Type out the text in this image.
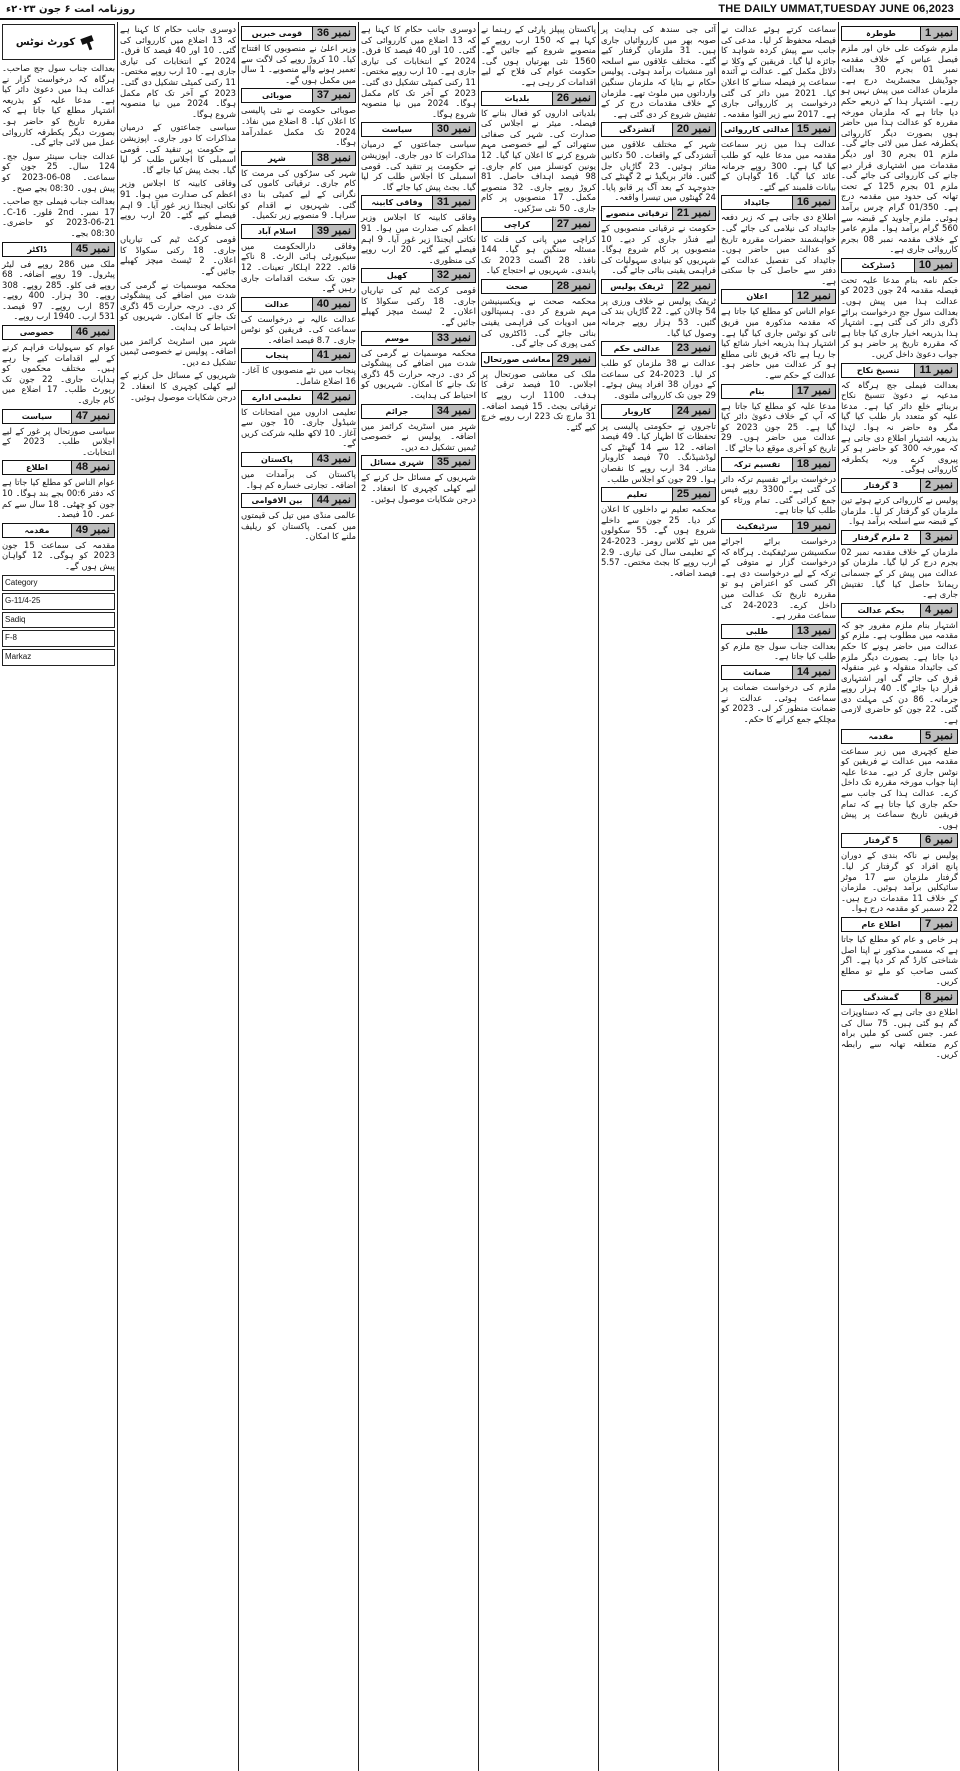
روزنامہ امت ۶ جون ۲۰۲۳ء	THE DAILY UMMAT,TUESDAY JUNE 06,2023
نمبر 1
طوطرہ
ملزم شوکت علی خان اور ملزم فیصل عباس کے خلاف مقدمہ نمبر 01 بجرم 30 بعدالت جوڈیشل مجسٹریٹ درج ہے۔ ملزمان عدالت میں پیش نہیں ہو رہے۔ اشتہار ہذا کے ذریعے حکم دیا جاتا ہے کہ ملزمان مورخہ مقررہ کو عدالت ہذا میں حاضر ہوں بصورت دیگر کارروائی یکطرفہ عمل میں لائی جائے گی۔ ملزم 01 بجرم 30 اور دیگر مقدمات میں اشتہاری قرار دیے جانے کی کارروائی کی جائے گی۔ ملزم 01 بجرم 125 کے تحت تھانہ کی حدود میں مقدمہ درج ہے۔ 01/350 گرام چرس برآمد ہوئی۔ ملزم جاوید کے قبضہ سے 560 گرام برآمد ہوا۔ ملزم عامر کے خلاف مقدمہ نمبر 08 بجرم کارروائی جاری ہے۔
نمبر 10
ڈسٹرکٹ
حکم نامہ بنام مدعا علیہ تحت فیصلہ مقدمہ 24 جون 2023 کو عدالت ہذا میں پیش ہوں۔ بعدالت سول جج درخواست برائے ڈگری دائر کی گئی ہے۔ اشتہار ہذا بذریعہ اخبار جاری کیا جاتا ہے کہ مقررہ تاریخ پر حاضر ہو کر جواب دعویٰ داخل کریں۔
نمبر 11
تنسیخ نکاح
بعدالت فیملی جج ہرگاہ کہ مدعیہ نے دعویٰ تنسیخ نکاح بربنائے خلع دائر کیا ہے۔ مدعا علیہ کو متعدد بار طلب کیا گیا مگر وہ حاضر نہ ہوا۔ لہٰذا بذریعہ اشتہار اطلاع دی جاتی ہے کہ مورخہ 300 کو حاضر ہو کر پیروی کرے ورنہ یکطرفہ کارروائی ہوگی۔
نمبر 2
3 گرفتار
پولیس نے کارروائی کرتے ہوئے تین ملزمان کو گرفتار کر لیا۔ ملزمان کے قبضہ سے اسلحہ برآمد ہوا۔
نمبر 3
2 ملزم گرفتار
ملزمان کے خلاف مقدمہ نمبر 02 بجرم درج کر لیا گیا۔ ملزمان کو عدالت میں پیش کر کے جسمانی ریمانڈ حاصل کیا گیا۔ تفتیش جاری ہے۔
نمبر 4
بحکم عدالت
اشتہار بنام ملزم مفرور جو کہ مقدمہ میں مطلوب ہے۔ ملزم کو عدالت میں حاضر ہونے کا حکم دیا جاتا ہے۔ بصورت دیگر ملزم کی جائیداد منقولہ و غیر منقولہ قرق کی جائے گی اور اشتہاری قرار دیا جائے گا۔ 40 ہزار روپے جرمانہ۔ 86 دن کی مہلت دی گئی۔ 22 جون کو حاضری لازمی ہے۔
نمبر 5
مقدمہ
ضلع کچہری میں زیر سماعت مقدمہ میں عدالت نے فریقین کو نوٹس جاری کر دیے۔ مدعا علیہ اپنا جواب مورخہ مقررہ تک داخل کرے۔ عدالت ہذا کی جانب سے حکم جاری کیا جاتا ہے کہ تمام فریقین تاریخ سماعت پر پیش ہوں۔
نمبر 6
5 گرفتار
پولیس نے ناکہ بندی کے دوران پانچ افراد کو گرفتار کر لیا۔ گرفتار ملزمان سے 17 موٹر سائیکلیں برآمد ہوئیں۔ ملزمان کے خلاف 11 مقدمات درج ہیں۔ 22 دسمبر کو مقدمہ درج ہوا۔
نمبر 7
اطلاع عام
ہر خاص و عام کو مطلع کیا جاتا ہے کہ مسمی مذکور نے اپنا اصل شناختی کارڈ گم کر دیا ہے۔ اگر کسی صاحب کو ملے تو مطلع کریں۔
نمبر 8
گمشدگی
اطلاع دی جاتی ہے کہ دستاویزات گم ہو گئی ہیں۔ 75 سال کی عمر۔ جس کسی کو ملیں براہ کرم متعلقہ تھانہ سے رابطہ کریں۔
سماعت کرتے ہوئے عدالت نے فیصلہ محفوظ کر لیا۔ مدعی کی جانب سے پیش کردہ شواہد کا جائزہ لیا گیا۔ فریقین کے وکلا نے دلائل مکمل کیے۔ عدالت نے آئندہ سماعت پر فیصلہ سنانے کا اعلان کیا۔ 2021 میں دائر کی گئی درخواست پر کارروائی جاری ہے۔ 2017 سے زیر التوا مقدمہ۔
نمبر 15
عدالتی کارروائی
عدالت ہذا میں زیر سماعت مقدمہ میں مدعا علیہ کو طلب کیا گیا ہے۔ 300 روپے جرمانہ عائد کیا گیا۔ 16 گواہان کے بیانات قلمبند کیے گئے۔
نمبر 16
جائیداد
اطلاع دی جاتی ہے کہ زیر دفعہ جائیداد کی نیلامی کی جائے گی۔ خواہشمند حضرات مقررہ تاریخ کو عدالت میں حاضر ہوں۔ جائیداد کی تفصیل عدالت کے دفتر سے حاصل کی جا سکتی ہے۔
نمبر 12
اعلان
عوام الناس کو مطلع کیا جاتا ہے کہ مقدمہ مذکورہ میں فریق ثانی کو نوٹس جاری کیا گیا ہے۔ اشتہار ہذا بذریعہ اخبار شائع کیا جا رہا ہے تاکہ فریق ثانی مطلع ہو کر عدالت میں حاضر ہو۔ عدالت کے حکم سے۔
نمبر 17
بنام
مدعا علیہ کو مطلع کیا جاتا ہے کہ آپ کے خلاف دعویٰ دائر کیا گیا ہے۔ 25 جون 2023 کو عدالت میں حاضر ہوں۔ 29 تاریخ کو آخری موقع دیا جائے گا۔
نمبر 18
تقسیم ترکہ
درخواست برائے تقسیم ترکہ دائر کی گئی ہے۔ 3300 روپے فیس جمع کرائی گئی۔ تمام ورثاء کو طلب کیا جاتا ہے۔
نمبر 19
سرٹیفکیٹ
درخواست برائے اجرائے سکسیشن سرٹیفکیٹ۔ ہرگاہ کہ درخواست گزار نے متوفی کے ترکہ کے لیے درخواست دی ہے۔ اگر کسی کو اعتراض ہو تو مقررہ تاریخ تک عدالت میں داخل کرے۔ 2023-24 کی سماعت مقرر ہے۔
نمبر 13
طلبی
بعدالت جناب سول جج ملزم کو طلب کیا جاتا ہے۔
نمبر 14
ضمانت
ملزم کی درخواست ضمانت پر سماعت ہوئی۔ عدالت نے ضمانت منظور کر لی۔ 2023 کو مچلکے جمع کرانے کا حکم۔
آئی جی سندھ کی ہدایت پر صوبہ بھر میں کارروائیاں جاری ہیں۔ 31 ملزمان گرفتار کیے گئے۔ مختلف علاقوں سے اسلحہ اور منشیات برآمد ہوئی۔ پولیس حکام نے بتایا کہ ملزمان سنگین وارداتوں میں ملوث تھے۔ ملزمان کے خلاف مقدمات درج کر کے تفتیش شروع کر دی گئی ہے۔
نمبر 20
آتشزدگی
شہر کے مختلف علاقوں میں آتشزدگی کے واقعات۔ 50 دکانیں متاثر ہوئیں۔ 23 گاڑیاں جل گئیں۔ فائر بریگیڈ نے 2 گھنٹے کی جدوجہد کے بعد آگ پر قابو پایا۔ 24 گھنٹوں میں تیسرا واقعہ۔
نمبر 21
ترقیاتی منصوبے
حکومت نے ترقیاتی منصوبوں کے لیے فنڈز جاری کر دیے۔ 10 منصوبوں پر کام شروع ہوگا۔ شہریوں کو بنیادی سہولیات کی فراہمی یقینی بنائی جائے گی۔
نمبر 22
ٹریفک پولیس
ٹریفک پولیس نے خلاف ورزی پر 54 چالان کیے۔ 22 گاڑیاں بند کی گئیں۔ 53 ہزار روپے جرمانہ وصول کیا گیا۔
نمبر 23
عدالتی حکم
عدالت نے 38 ملزمان کو طلب کر لیا۔ 2023-24 کی سماعت کے دوران 38 افراد پیش ہوئے۔ 29 جون تک کارروائی ملتوی۔
نمبر 24
کاروبار
تاجروں نے حکومتی پالیسی پر تحفظات کا اظہار کیا۔ 49 فیصد اضافہ۔ 12 سے 14 گھنٹے کی لوڈشیڈنگ۔ 70 فیصد کاروبار متاثر۔ 34 ارب روپے کا نقصان ہوا۔ 29 جون کو اجلاس طلب۔
نمبر 25
تعلیم
محکمہ تعلیم نے داخلوں کا اعلان کر دیا۔ 25 جون سے داخلے شروع ہوں گے۔ 55 سکولوں میں نئے کلاس رومز۔ 2023-24 کے تعلیمی سال کی تیاری۔ 2.9 ارب روپے کا بجٹ مختص۔ 5.57 فیصد اضافہ۔
پاکستان پیپلز پارٹی کے رہنما نے کہا ہے کہ 150 ارب روپے کے منصوبے شروع کیے جائیں گے۔ 1560 نئی بھرتیاں ہوں گی۔ حکومت عوام کی فلاح کے لیے اقدامات کر رہی ہے۔
نمبر 26
بلدیات
بلدیاتی اداروں کو فعال بنانے کا فیصلہ۔ میئر نے اجلاس کی صدارت کی۔ شہر کی صفائی ستھرائی کے لیے خصوصی مہم شروع کرنے کا اعلان کیا گیا۔ 12 یونین کونسلز میں کام جاری۔ 98 فیصد اہداف حاصل۔ 81 کروڑ روپے جاری۔ 32 منصوبے مکمل۔ 17 منصوبوں پر کام جاری۔ 50 نئی سڑکیں۔
نمبر 27
کراچی
کراچی میں پانی کی قلت کا مسئلہ سنگین ہو گیا۔ 144 نافذ۔ 28 اگست 2023 تک پابندی۔ شہریوں نے احتجاج کیا۔
نمبر 28
صحت
محکمہ صحت نے ویکسینیشن مہم شروع کر دی۔ ہسپتالوں میں ادویات کی فراہمی یقینی بنائی جائے گی۔ ڈاکٹروں کی کمی پوری کی جائے گی۔
نمبر 29
معاشی صورتحال
ملک کی معاشی صورتحال پر اجلاس۔ 10 فیصد ترقی کا ہدف۔ 1100 ارب روپے کا ترقیاتی بجٹ۔ 15 فیصد اضافہ۔ 31 مارچ تک 223 ارب روپے خرچ کیے گئے۔
دوسری جانب حکام کا کہنا ہے کہ 13 اضلاع میں کارروائی کی گئی۔ 10 اور 40 فیصد کا فرق۔ 2024 کے انتخابات کی تیاری جاری ہے۔ 10 ارب روپے مختص۔ 11 رکنی کمیٹی تشکیل دی گئی۔ 2023 کے آخر تک کام مکمل ہوگا۔ 2024 میں نیا منصوبہ شروع ہوگا۔
نمبر 30
سیاست
سیاسی جماعتوں کے درمیان مذاکرات کا دور جاری۔ اپوزیشن نے حکومت پر تنقید کی۔ قومی اسمبلی کا اجلاس طلب کر لیا گیا۔ بجٹ پیش کیا جائے گا۔
نمبر 31
وفاقی کابینہ
وفاقی کابینہ کا اجلاس وزیر اعظم کی صدارت میں ہوا۔ 91 نکاتی ایجنڈا زیر غور آیا۔ 9 اہم فیصلے کیے گئے۔ 20 ارب روپے کی منظوری۔
نمبر 32
کھیل
قومی کرکٹ ٹیم کی تیاریاں جاری۔ 18 رکنی سکواڈ کا اعلان۔ 2 ٹیسٹ میچز کھیلے جائیں گے۔
نمبر 33
موسم
محکمہ موسمیات نے گرمی کی شدت میں اضافے کی پیشگوئی کر دی۔ درجہ حرارت 45 ڈگری تک جانے کا امکان۔ شہریوں کو احتیاط کی ہدایت۔
نمبر 34
جرائم
شہر میں اسٹریٹ کرائمز میں اضافہ۔ پولیس نے خصوصی ٹیمیں تشکیل دے دیں۔
نمبر 35
شہری مسائل
شہریوں کے مسائل حل کرنے کے لیے کھلی کچہری کا انعقاد۔ 2 درجن شکایات موصول ہوئیں۔
نمبر 36
قومی خبریں
وزیر اعلیٰ نے منصوبوں کا افتتاح کیا۔ 10 کروڑ روپے کی لاگت سے تعمیر ہونے والے منصوبے۔ 1 سال میں مکمل ہوں گے۔
نمبر 37
صوبائی
صوبائی حکومت نے نئی پالیسی کا اعلان کیا۔ 8 اضلاع میں نفاذ۔ 2024 تک مکمل عملدرآمد ہوگا۔
نمبر 38
شہر
شہر کی سڑکوں کی مرمت کا کام جاری۔ ترقیاتی کاموں کی نگرانی کے لیے کمیٹی بنا دی گئی۔ شہریوں نے اقدام کو سراہا۔ 9 منصوبے زیر تکمیل۔
نمبر 39
اسلام آباد
وفاقی دارالحکومت میں سیکیورٹی ہائی الرٹ۔ 8 ناکے قائم۔ 222 اہلکار تعینات۔ 12 جون تک سخت اقدامات جاری رہیں گے۔
نمبر 40
عدالت
عدالت عالیہ نے درخواست کی سماعت کی۔ فریقین کو نوٹس جاری۔ 8.7 فیصد اضافہ۔
نمبر 41
پنجاب
پنجاب میں نئے منصوبوں کا آغاز۔ 16 اضلاع شامل۔
نمبر 42
تعلیمی ادارے
تعلیمی اداروں میں امتحانات کا شیڈول جاری۔ 10 جون سے آغاز۔ 10 لاکھ طلبہ شرکت کریں گے۔
نمبر 43
پاکستان
پاکستان کی برآمدات میں اضافہ۔ تجارتی خسارہ کم ہوا۔
نمبر 44
بین الاقوامی
عالمی منڈی میں تیل کی قیمتوں میں کمی۔ پاکستان کو ریلیف ملنے کا امکان۔
دوسری جانب حکام کا کہنا ہے کہ 13 اضلاع میں کارروائی کی گئی۔ 10 اور 40 فیصد کا فرق۔ 2024 کے انتخابات کی تیاری جاری ہے۔ 10 ارب روپے مختص۔ 11 رکنی کمیٹی تشکیل دی گئی۔ 2023 کے آخر تک کام مکمل ہوگا۔ 2024 میں نیا منصوبہ شروع ہوگا۔
سیاسی جماعتوں کے درمیان مذاکرات کا دور جاری۔ اپوزیشن نے حکومت پر تنقید کی۔ قومی اسمبلی کا اجلاس طلب کر لیا گیا۔ بجٹ پیش کیا جائے گا۔
وفاقی کابینہ کا اجلاس وزیر اعظم کی صدارت میں ہوا۔ 91 نکاتی ایجنڈا زیر غور آیا۔ 9 اہم فیصلے کیے گئے۔ 20 ارب روپے کی منظوری۔
قومی کرکٹ ٹیم کی تیاریاں جاری۔ 18 رکنی سکواڈ کا اعلان۔ 2 ٹیسٹ میچز کھیلے جائیں گے۔
محکمہ موسمیات نے گرمی کی شدت میں اضافے کی پیشگوئی کر دی۔ درجہ حرارت 45 ڈگری تک جانے کا امکان۔ شہریوں کو احتیاط کی ہدایت۔
شہر میں اسٹریٹ کرائمز میں اضافہ۔ پولیس نے خصوصی ٹیمیں تشکیل دے دیں۔
شہریوں کے مسائل حل کرنے کے لیے کھلی کچہری کا انعقاد۔ 2 درجن شکایات موصول ہوئیں۔
کورٹ نوٹس
بعدالت جناب سول جج صاحب۔ ہرگاہ کہ درخواست گزار نے عدالت ہذا میں دعویٰ دائر کیا ہے۔ مدعا علیہ کو بذریعہ اشتہار مطلع کیا جاتا ہے کہ مقررہ تاریخ کو حاضر ہو۔ بصورت دیگر یکطرفہ کارروائی عمل میں لائی جائے گی۔
عدالت جناب سینئر سول جج۔ 124 سال۔ 25 جون کو سماعت۔ 08-06-2023 کو پیش ہوں۔ 08:30 بجے صبح۔
بعدالت جناب فیملی جج صاحب۔ 17 نمبر۔ 2nd فلور۔ 16-C۔ 21-06-2023 کو حاضری۔ 08:30 بجے۔
نمبر 45
ڈاکٹر
ملک میں 286 روپے فی لیٹر پیٹرول۔ 19 روپے اضافہ۔ 68 روپے فی کلو۔ 285 روپے۔ 308 روپے۔ 30 ہزار۔ 400 روپے۔ 857 ارب روپے۔ 97 فیصد۔ 531 ارب۔ 1940 ارب روپے۔
نمبر 46
خصوصی
عوام کو سہولیات فراہم کرنے کے لیے اقدامات کیے جا رہے ہیں۔ مختلف محکموں کو ہدایات جاری۔ 22 جون تک رپورٹ طلب۔ 17 اضلاع میں کام جاری۔
نمبر 47
سیاست
سیاسی صورتحال پر غور کے لیے اجلاس طلب۔ 2023 کے انتخابات۔
نمبر 48
اطلاع
عوام الناس کو مطلع کیا جاتا ہے کہ دفتر 00:6 بجے بند ہوگا۔ 10 جون کو چھٹی۔ 18 سال سے کم عمر۔ 10 فیصد۔
نمبر 49
مقدمہ
مقدمہ کی سماعت 15 جون 2023 کو ہوگی۔ 12 گواہان پیش ہوں گے۔
Category
G-11/4-25
Sadiq
F-8
Markaz
